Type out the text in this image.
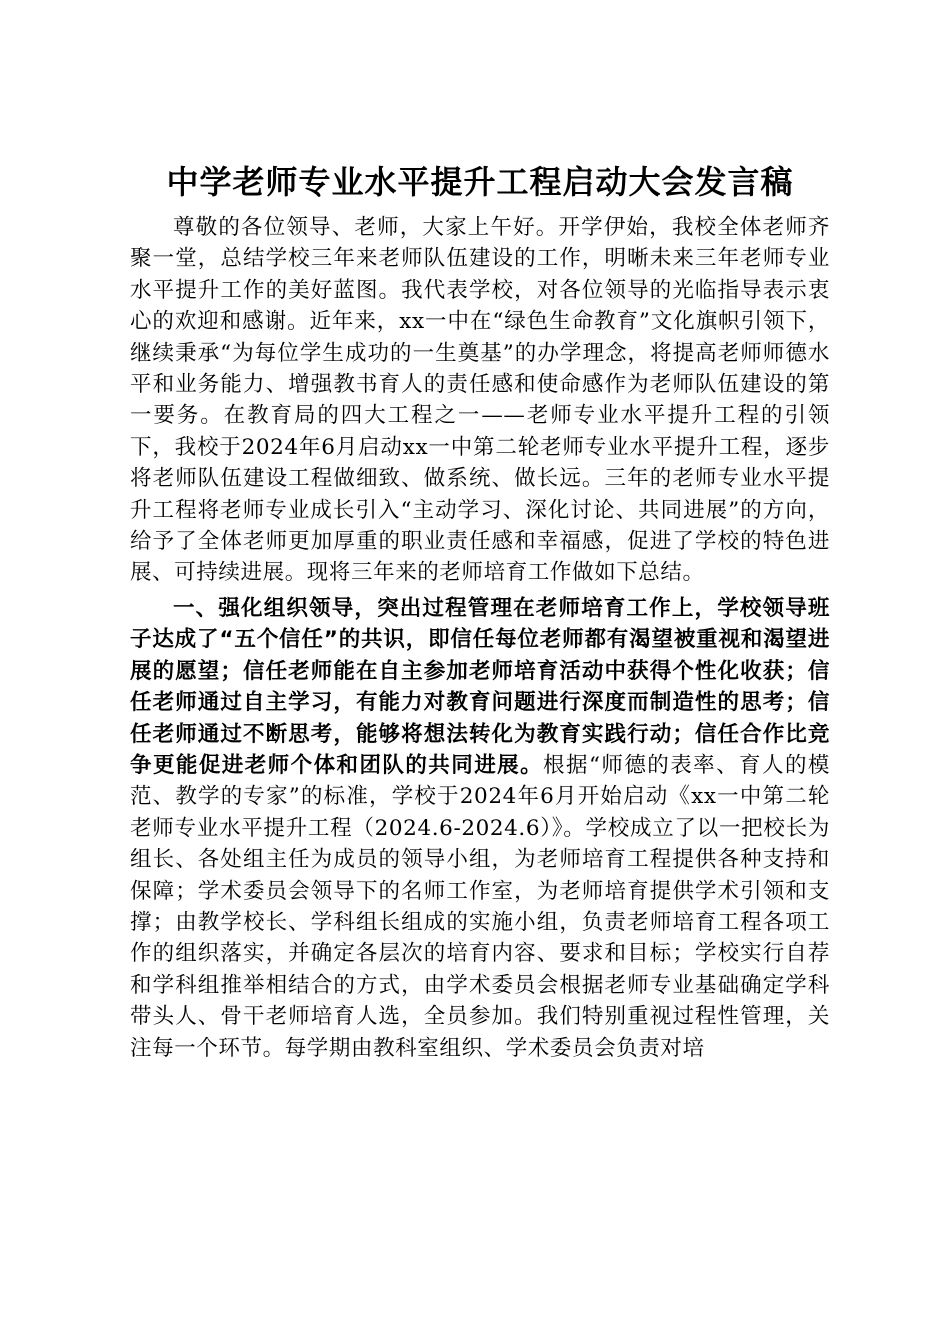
中学老师专业水平提升工程启动大会发言稿

尊敬的各位领导、老师，大家上午好。开学伊始，我校全体老师齐聚一堂，总结学校三年来老师队伍建设的工作，明晰未来三年老师专业水平提升工作的美好蓝图。我代表学校，对各位领导的光临指导表示衷心的欢迎和感谢。近年来，xx一中在“绿色生命教育”文化旗帜引领下，继续秉承“为每位学生成功的一生奠基”的办学理念，将提高老师师德水平和业务能力、增强教书育人的责任感和使命感作为老师队伍建设的第一要务。在教育局的四大工程之一——老师专业水平提升工程的引领下，我校于2024年6月启动xx一中第二轮老师专业水平提升工程，逐步将老师队伍建设工程做细致、做系统、做长远。三年的老师专业水平提升工程将老师专业成长引入“主动学习、深化讨论、共同进展”的方向，给予了全体老师更加厚重的职业责任感和幸福感，促进了学校的特色进展、可持续进展。现将三年来的老师培育工作做如下总结。

一、强化组织领导，突出过程管理在老师培育工作上，学校领导班子达成了“五个信任”的共识，即信任每位老师都有渴望被重视和渴望进展的愿望；信任老师能在自主参加老师培育活动中获得个性化收获；信任老师通过自主学习，有能力对教育问题进行深度而制造性的思考；信任老师通过不断思考，能够将想法转化为教育实践行动；信任合作比竞争更能促进老师个体和团队的共同进展。根据“师德的表率、育人的模范、教学的专家”的标准，学校于2024年6月开始启动《xx一中第二轮老师专业水平提升工程（2024.6-2024.6）》。学校成立了以一把校长为组长、各处组主任为成员的领导小组，为老师培育工程提供各种支持和保障；学术委员会领导下的名师工作室，为老师培育提供学术引领和支撑；由教学校长、学科组长组成的实施小组，负责老师培育工程各项工作的组织落实，并确定各层次的培育内容、要求和目标；学校实行自荐和学科组推举相结合的方式，由学术委员会根据老师专业基础确定学科带头人、骨干老师培育人选，全员参加。我们特别重视过程性管理，关注每一个环节。每学期由教科室组织、学术委员会负责对培
